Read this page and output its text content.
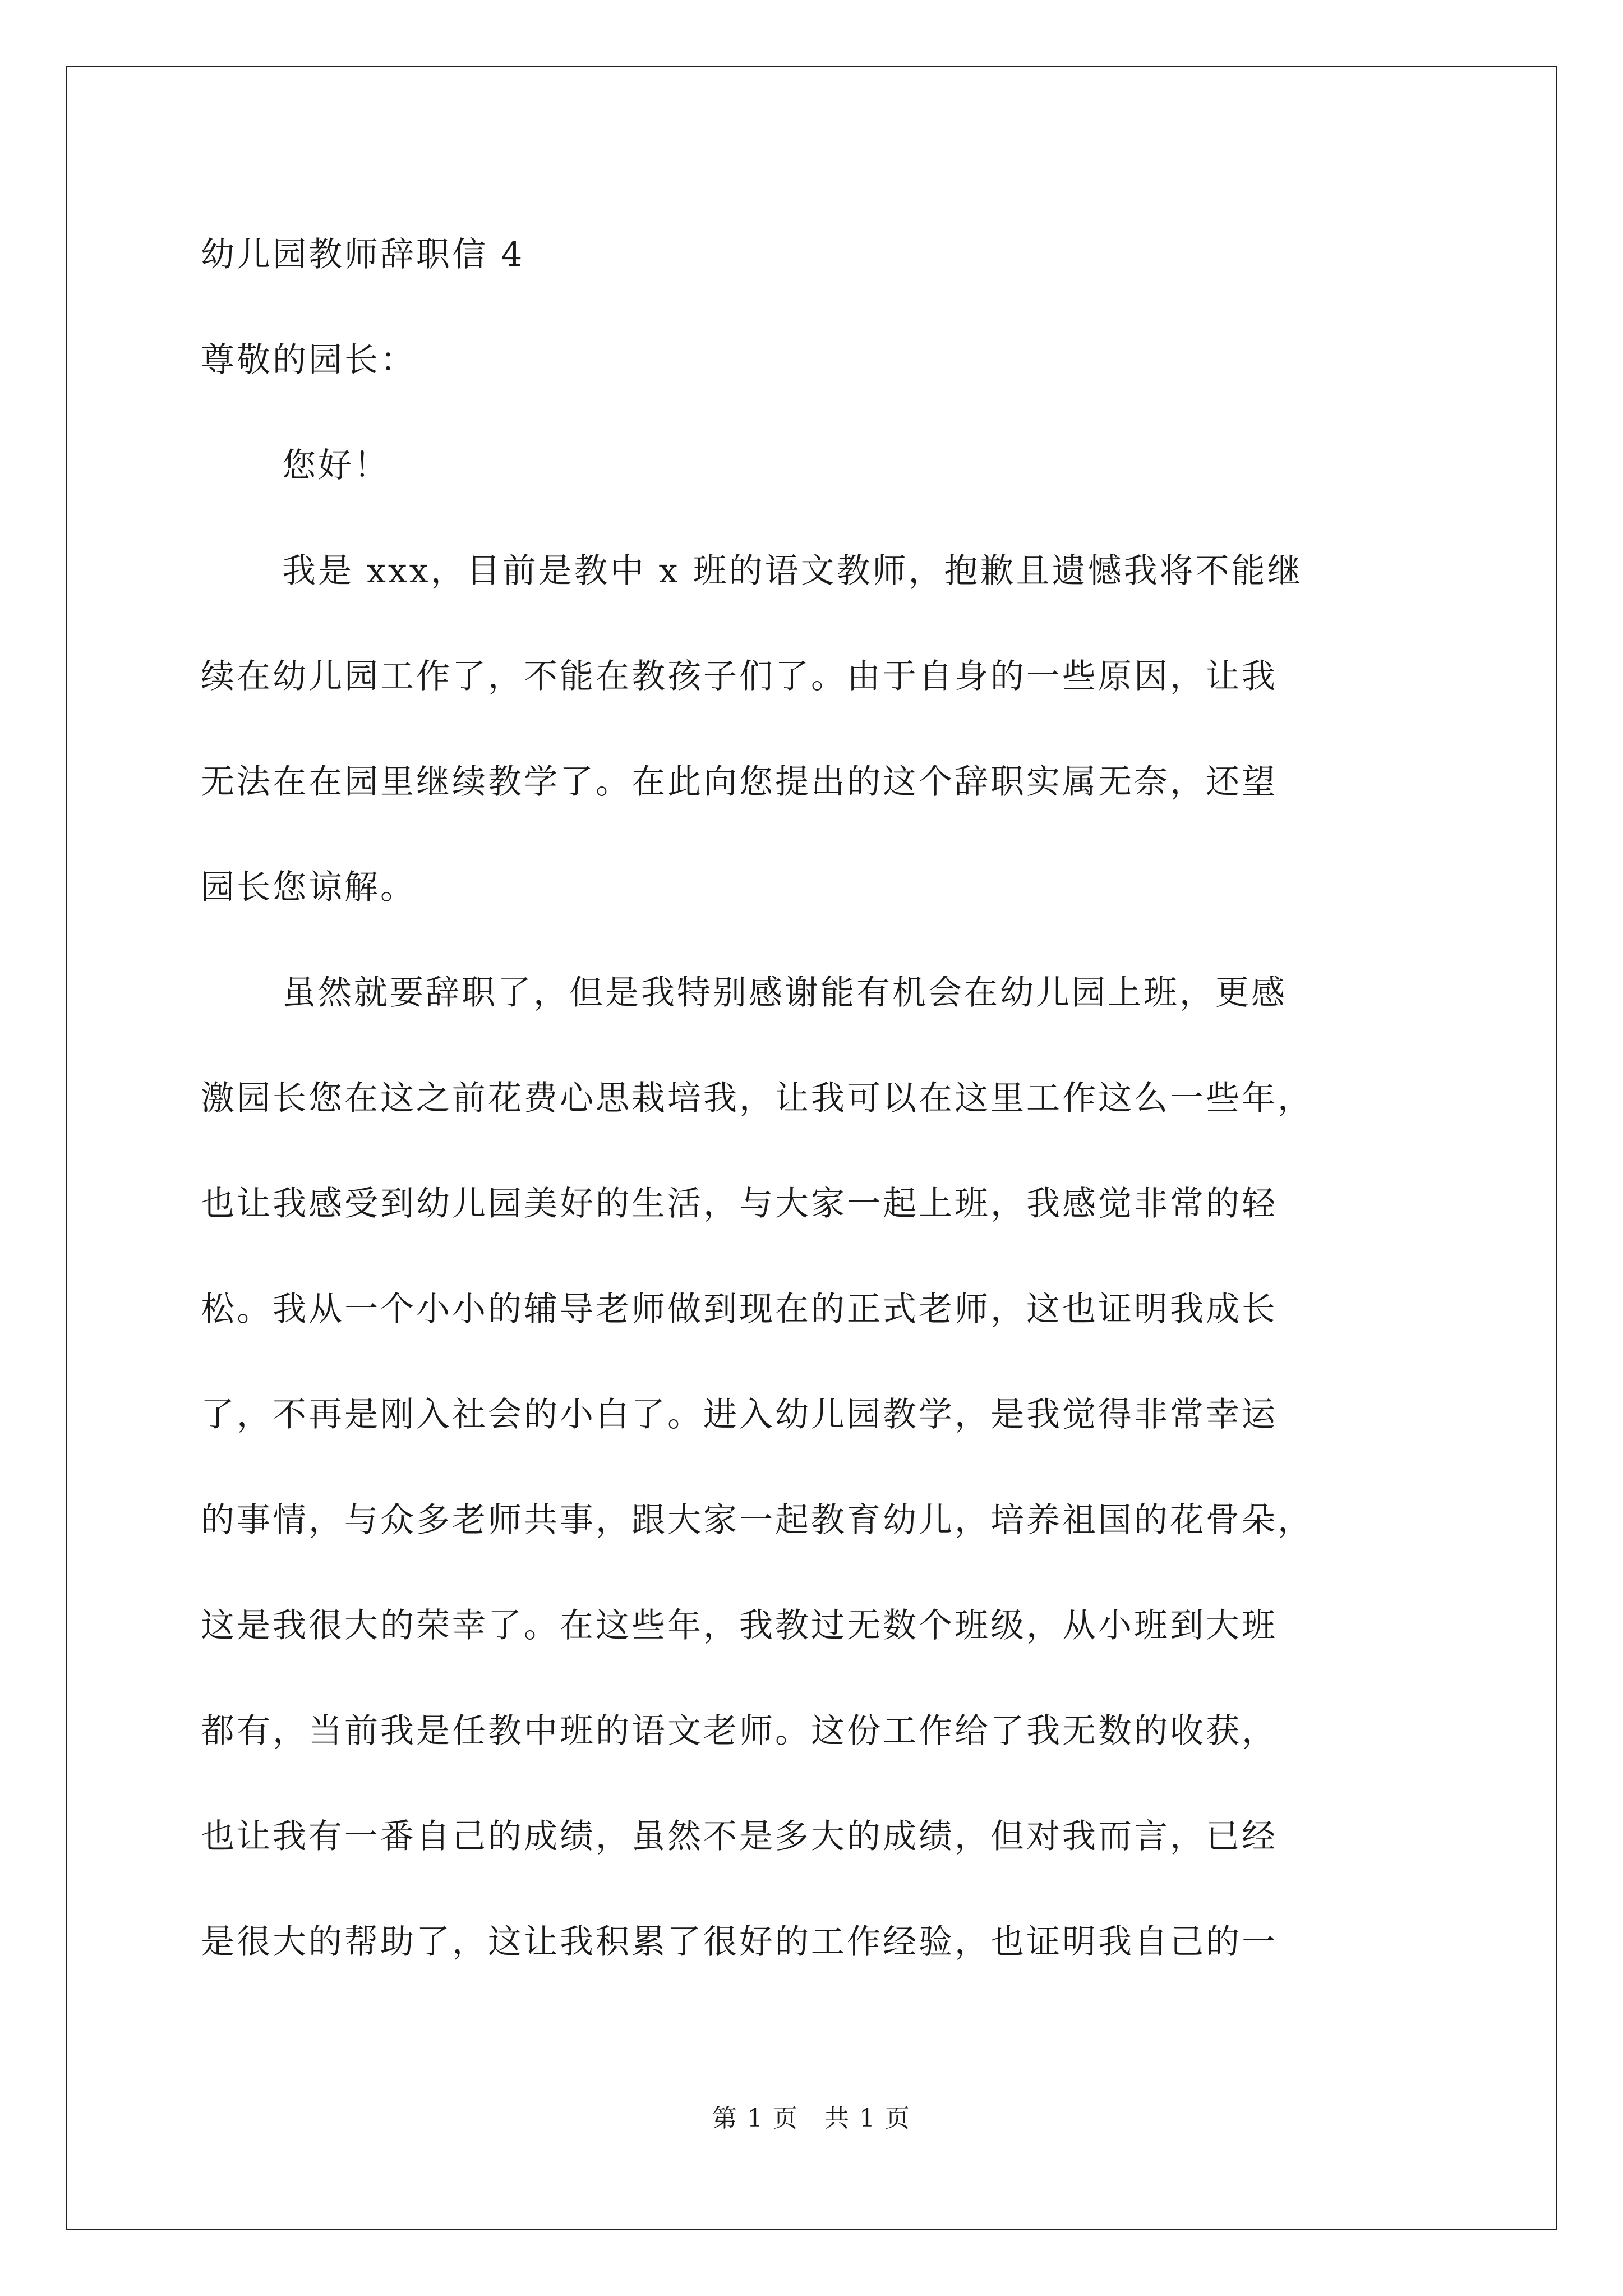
幼儿园教师辞职信 4
尊敬的园长：
您好！
我是 xxx，目前是教中 x 班的语文教师，抱歉且遗憾我将不能继
续在幼儿园工作了，不能在教孩子们了。由于自身的一些原因，让我
无法在在园里继续教学了。在此向您提出的这个辞职实属无奈，还望
园长您谅解。
虽然就要辞职了，但是我特别感谢能有机会在幼儿园上班，更感
激园长您在这之前花费心思栽培我，让我可以在这里工作这么一些年，
也让我感受到幼儿园美好的生活，与大家一起上班，我感觉非常的轻
松。我从一个小小的辅导老师做到现在的正式老师，这也证明我成长
了，不再是刚入社会的小白了。进入幼儿园教学，是我觉得非常幸运
的事情，与众多老师共事，跟大家一起教育幼儿，培养祖国的花骨朵，
这是我很大的荣幸了。在这些年，我教过无数个班级，从小班到大班
都有，当前我是任教中班的语文老师。这份工作给了我无数的收获，
也让我有一番自己的成绩，虽然不是多大的成绩，但对我而言，已经
是很大的帮助了，这让我积累了很好的工作经验，也证明我自己的一
第 1 页　共 1 页
